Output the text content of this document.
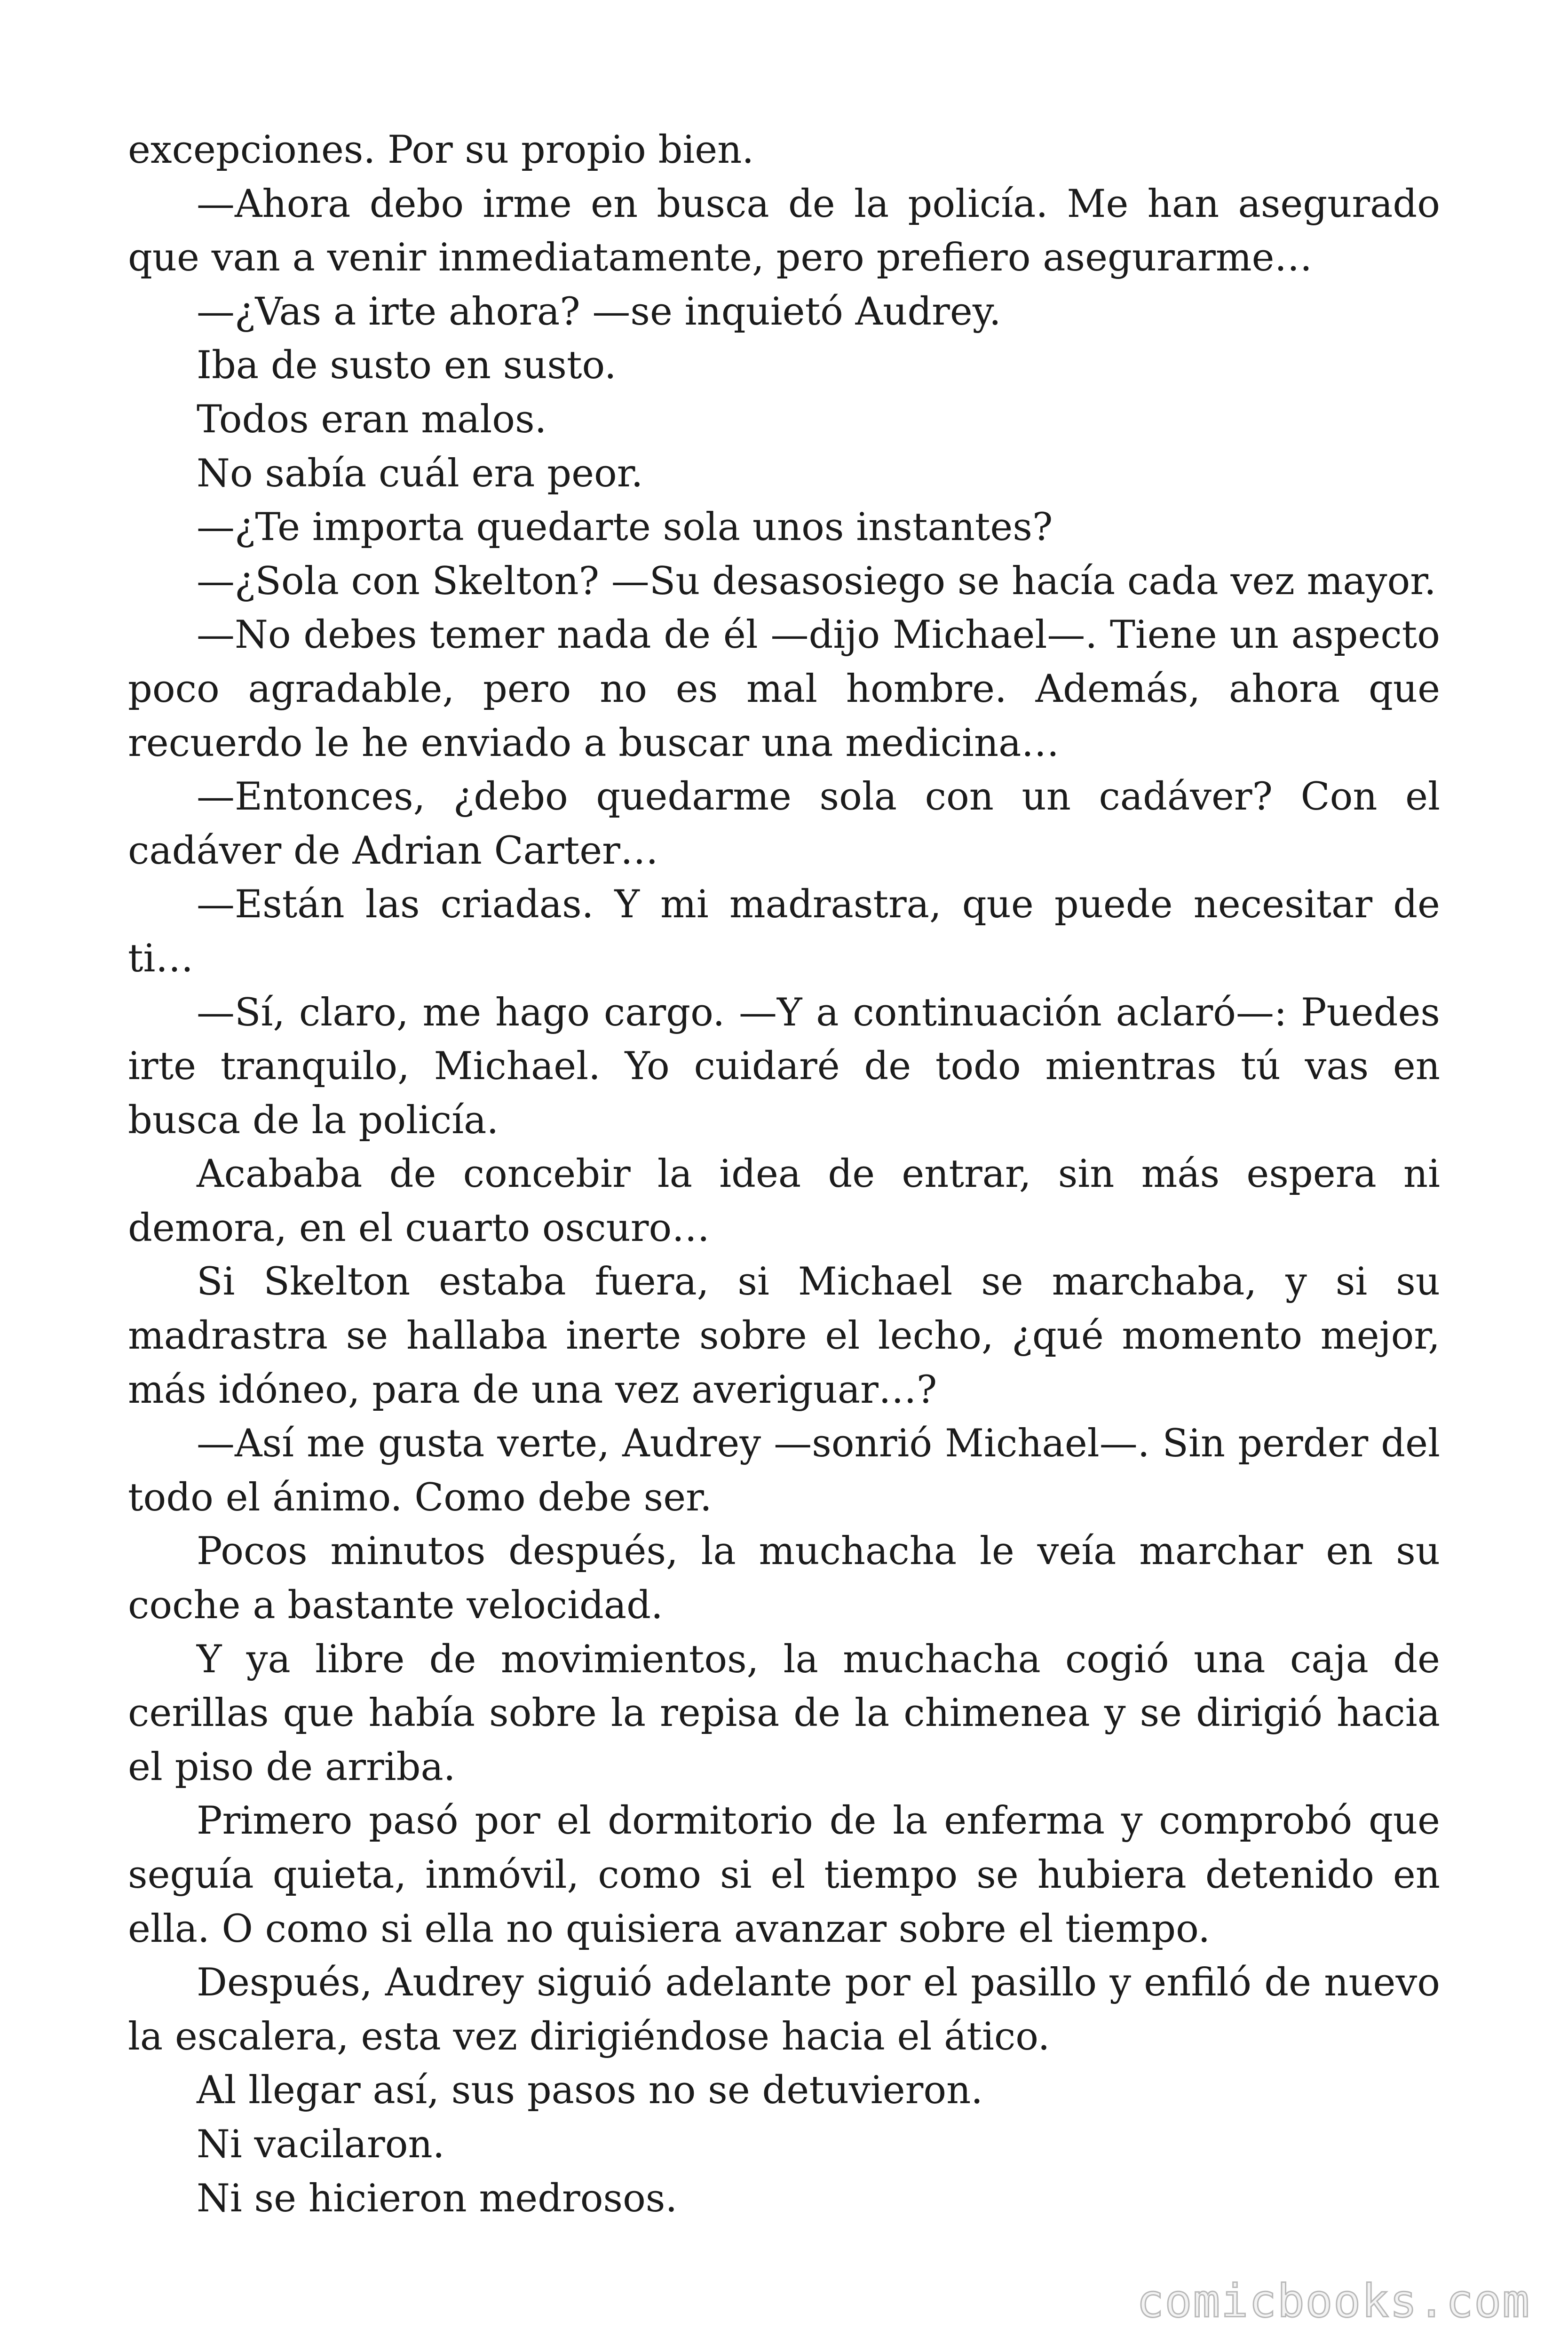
excepciones. Por su propio bien.

—Ahora debo irme en busca de la policía. Me han asegurado que van a venir inmediatamente, pero prefiero asegurarme…

—¿Vas a irte ahora? —se inquietó Audrey.

Iba de susto en susto.

Todos eran malos.

No sabía cuál era peor.

—¿Te importa quedarte sola unos instantes?

—¿Sola con Skelton? —Su desasosiego se hacía cada vez mayor.

—No debes temer nada de él —dijo Michael—. Tiene un aspecto poco agradable, pero no es mal hombre. Además, ahora que recuerdo le he enviado a buscar una medicina…

—Entonces, ¿debo quedarme sola con un cadáver? Con el cadáver de Adrian Carter…

—Están las criadas. Y mi madrastra, que puede necesitar de ti…

—Sí, claro, me hago cargo. —Y a continuación aclaró—: Puedes irte tranquilo, Michael. Yo cuidaré de todo mientras tú vas en busca de la policía.

Acababa de concebir la idea de entrar, sin más espera ni demora, en el cuarto oscuro…

Si Skelton estaba fuera, si Michael se marchaba, y si su madrastra se hallaba inerte sobre el lecho, ¿qué momento mejor, más idóneo, para de una vez averiguar…?

—Así me gusta verte, Audrey —sonrió Michael—. Sin perder del todo el ánimo. Como debe ser.

Pocos minutos después, la muchacha le veía marchar en su coche a bastante velocidad.

Y ya libre de movimientos, la muchacha cogió una caja de cerillas que había sobre la repisa de la chimenea y se dirigió hacia el piso de arriba.

Primero pasó por el dormitorio de la enferma y comprobó que seguía quieta, inmóvil, como si el tiempo se hubiera detenido en ella. O como si ella no quisiera avanzar sobre el tiempo.

Después, Audrey siguió adelante por el pasillo y enfiló de nuevo la escalera, esta vez dirigiéndose hacia el ático.

Al llegar así, sus pasos no se detuvieron.

Ni vacilaron.

Ni se hicieron medrosos.

comicbooks.com
